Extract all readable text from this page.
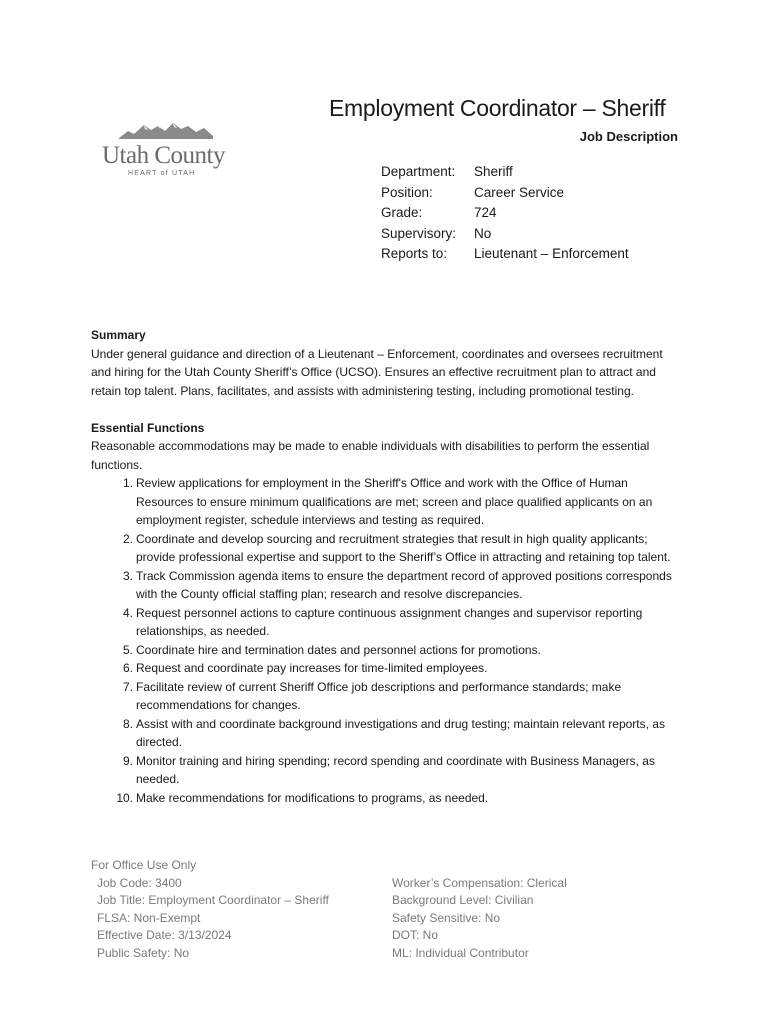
Utah County
HEART of UTAH
Employment Coordinator – Sheriff
Job Description
Department: Sheriff
Position:	Career Service
Grade:	724
Supervisory: No
Reports to: Lieutenant – Enforcement
Summary

Under general guidance and direction of a Lieutenant – Enforcement, coordinates and oversees recruitment and hiring for the Utah County Sheriff’s Office (UCSO). Ensures an effective recruitment plan to attract and retain top talent. Plans, facilitates, and assists with administering testing, including promotional testing.

Essential Functions

Reasonable accommodations may be made to enable individuals with disabilities to perform the essential functions.

1. Review applications for employment in the Sheriff's Office and work with the Office of Human Resources to ensure minimum qualifications are met; screen and place qualified applicants on an employment register, schedule interviews and testing as required.
2. Coordinate and develop sourcing and recruitment strategies that result in high quality applicants; provide professional expertise and support to the Sheriff’s Office in attracting and retaining top talent.
3. Track Commission agenda items to ensure the department record of approved positions corresponds with the County official staffing plan; research and resolve discrepancies.
4. Request personnel actions to capture continuous assignment changes and supervisor reporting relationships, as needed.
5. Coordinate hire and termination dates and personnel actions for promotions.
6. Request and coordinate pay increases for time-limited employees.
7. Facilitate review of current Sheriff Office job descriptions and performance standards; make recommendations for changes.
8. Assist with and coordinate background investigations and drug testing; maintain relevant reports, as directed.
9. Monitor training and hiring spending; record spending and coordinate with Business Managers, as needed.
10. Make recommendations for modifications to programs, as needed.
For Office Use Only
Job Code: 3400
Job Title: Employment Coordinator – Sheriff
FLSA: Non-Exempt
Effective Date: 3/13/2024
Public Safety: No
Worker’s Compensation: Clerical
Background Level: Civilian
Safety Sensitive: No
DOT: No
ML: Individual Contributor
